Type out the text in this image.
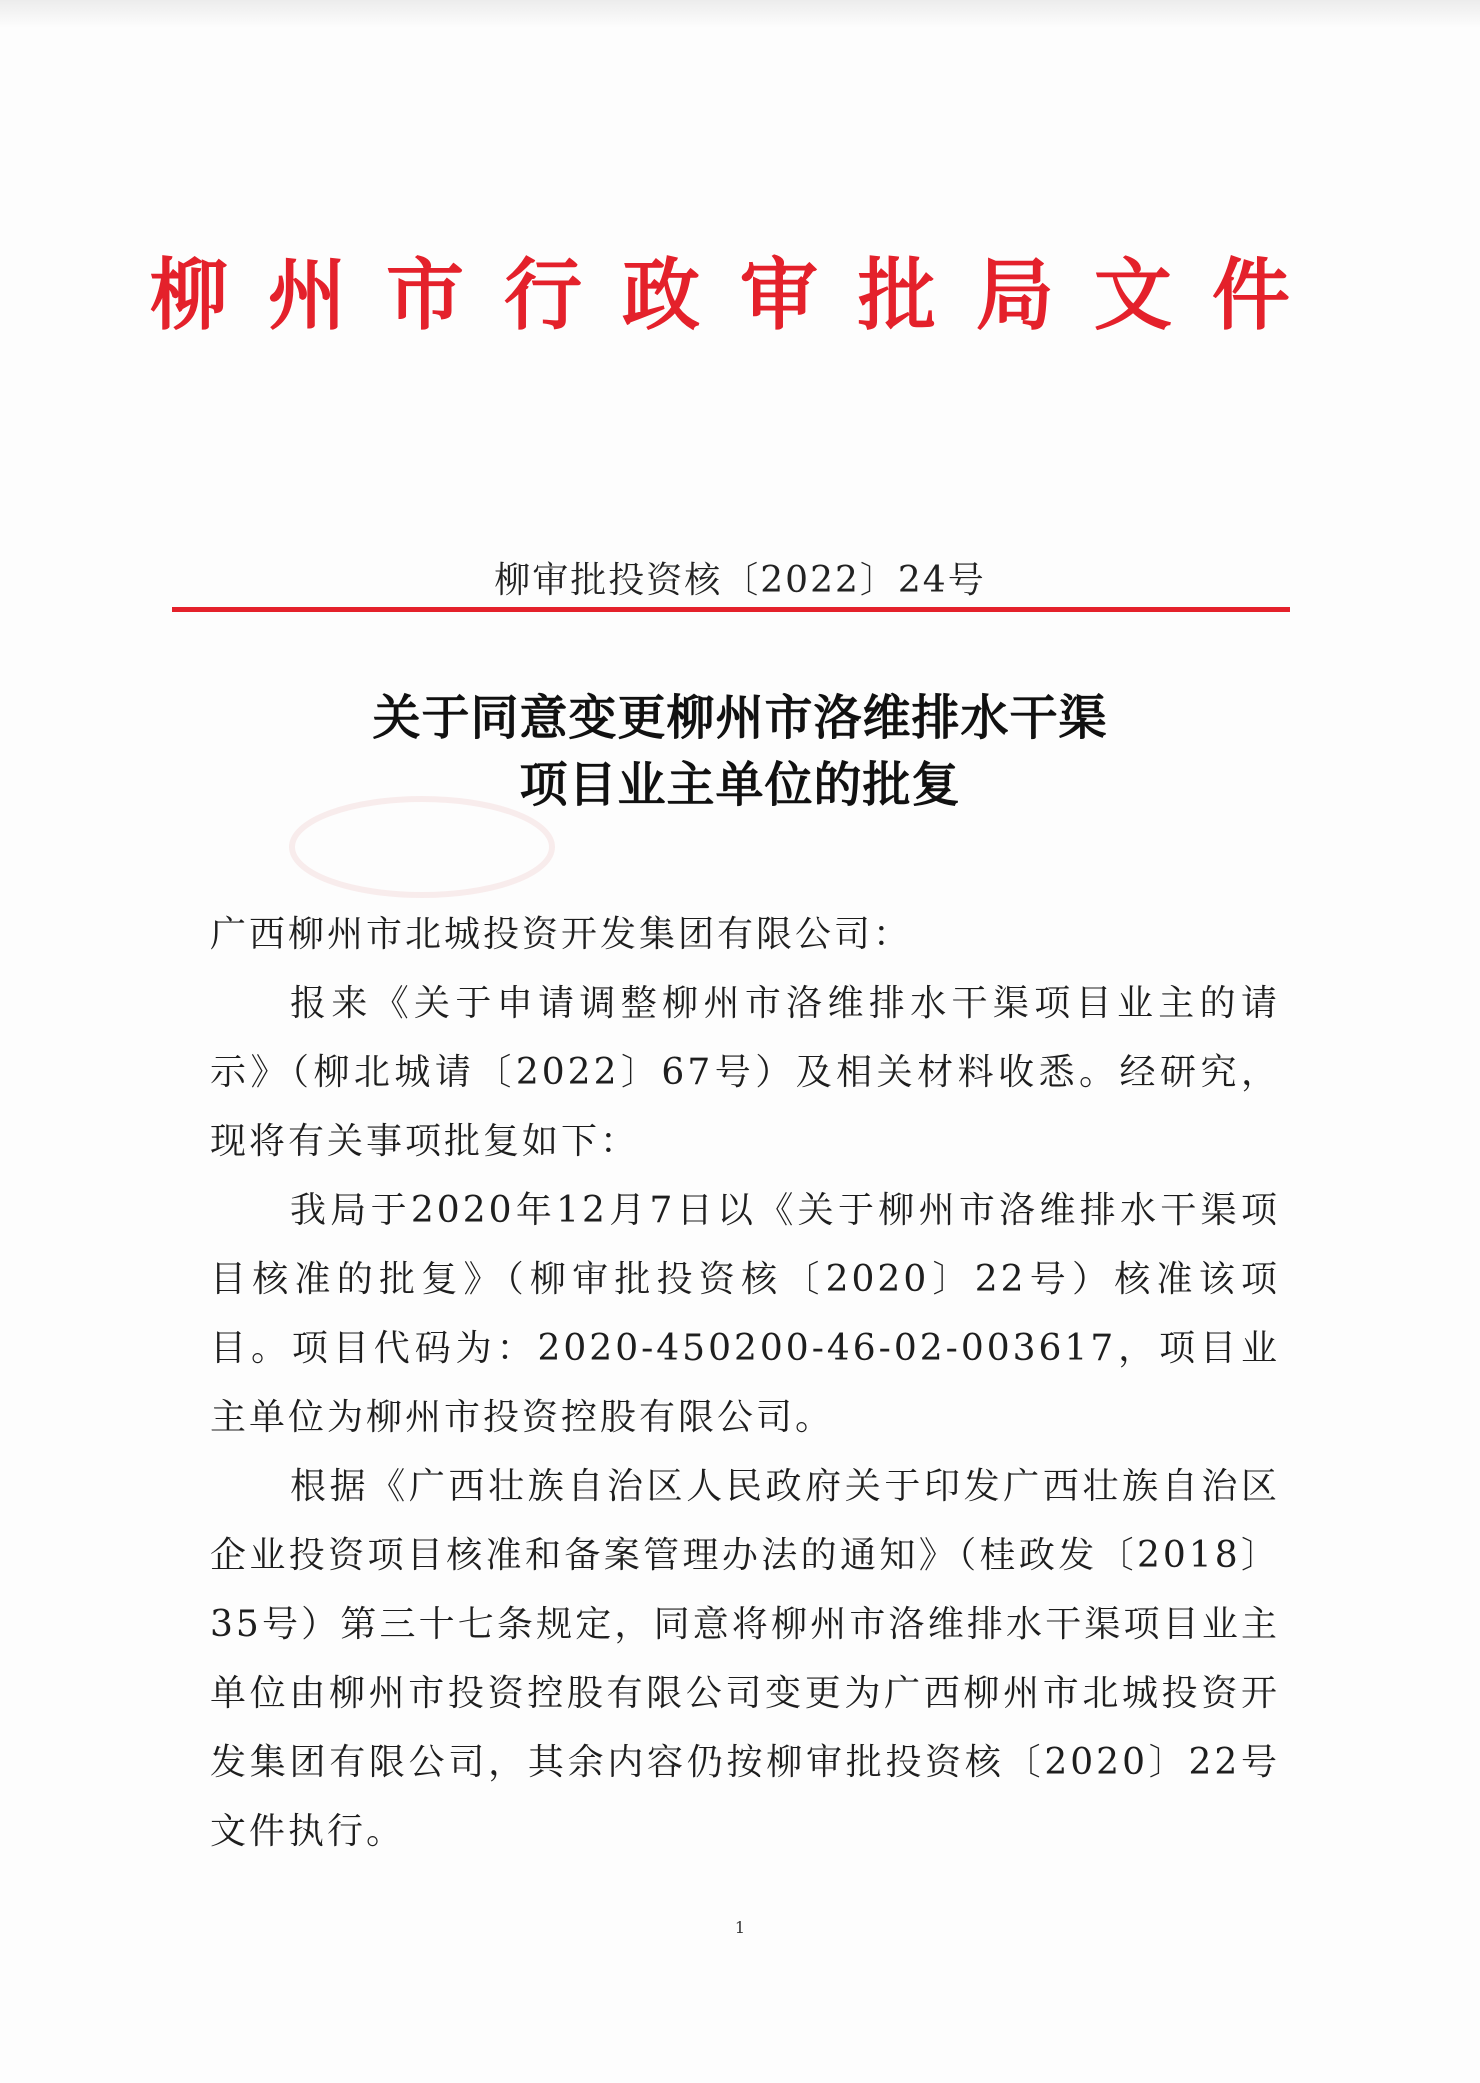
柳 州 市 行 政 审 批 局 文 件
柳审批投资核〔2022〕24号
关于同意变更柳州市洛维排水干渠
项目业主单位的批复

广西柳州市北城投资开发集团有限公司：

报来《关于申请调整柳州市洛维排水干渠项目业主的请示》（柳北城请〔2022〕67号）及相关材料收悉。经研究，现将有关事项批复如下：

我局于2020年12月7日以《关于柳州市洛维排水干渠项目核准的批复》（柳审批投资核〔2020〕22号）核准该项目。项目代码为：2020-450200-46-02-003617，项目业主单位为柳州市投资控股有限公司。

根据《广西壮族自治区人民政府关于印发广西壮族自治区企业投资项目核准和备案管理办法的通知》（桂政发〔2018〕35号）第三十七条规定，同意将柳州市洛维排水干渠项目业主单位由柳州市投资控股有限公司变更为广西柳州市北城投资开发集团有限公司，其余内容仍按柳审批投资核〔2020〕22号文件执行。

1
